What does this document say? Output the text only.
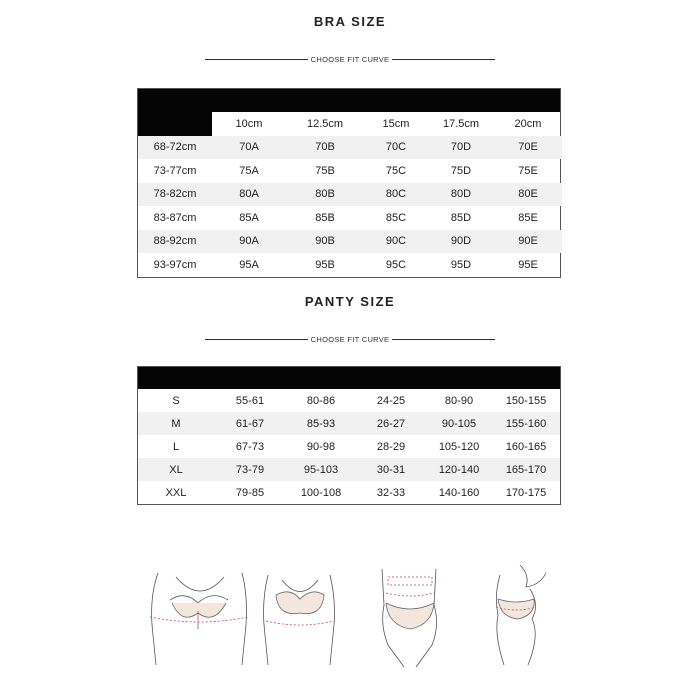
BRA SIZE
CHOOSE FIT CURVE
	10cm	12.5cm	15cm	17.5cm	20cm
68-72cm	70A	70B	70C	70D	70E
73-77cm	75A	75B	75C	75D	75E
78-82cm	80A	80B	80C	80D	80E
83-87cm	85A	85B	85C	85D	85E
88-92cm	90A	90B	90C	90D	90E
93-97cm	95A	95B	95C	95D	95E
PANTY SIZE
CHOOSE FIT CURVE

S	55-61	80-86	24-25	80-90	150-155
M	61-67	85-93	26-27	90-105	155-160
L	67-73	90-98	28-29	105-120	160-165
XL	73-79	95-103	30-31	120-140	165-170
XXL	79-85	100-108	32-33	140-160	170-175
